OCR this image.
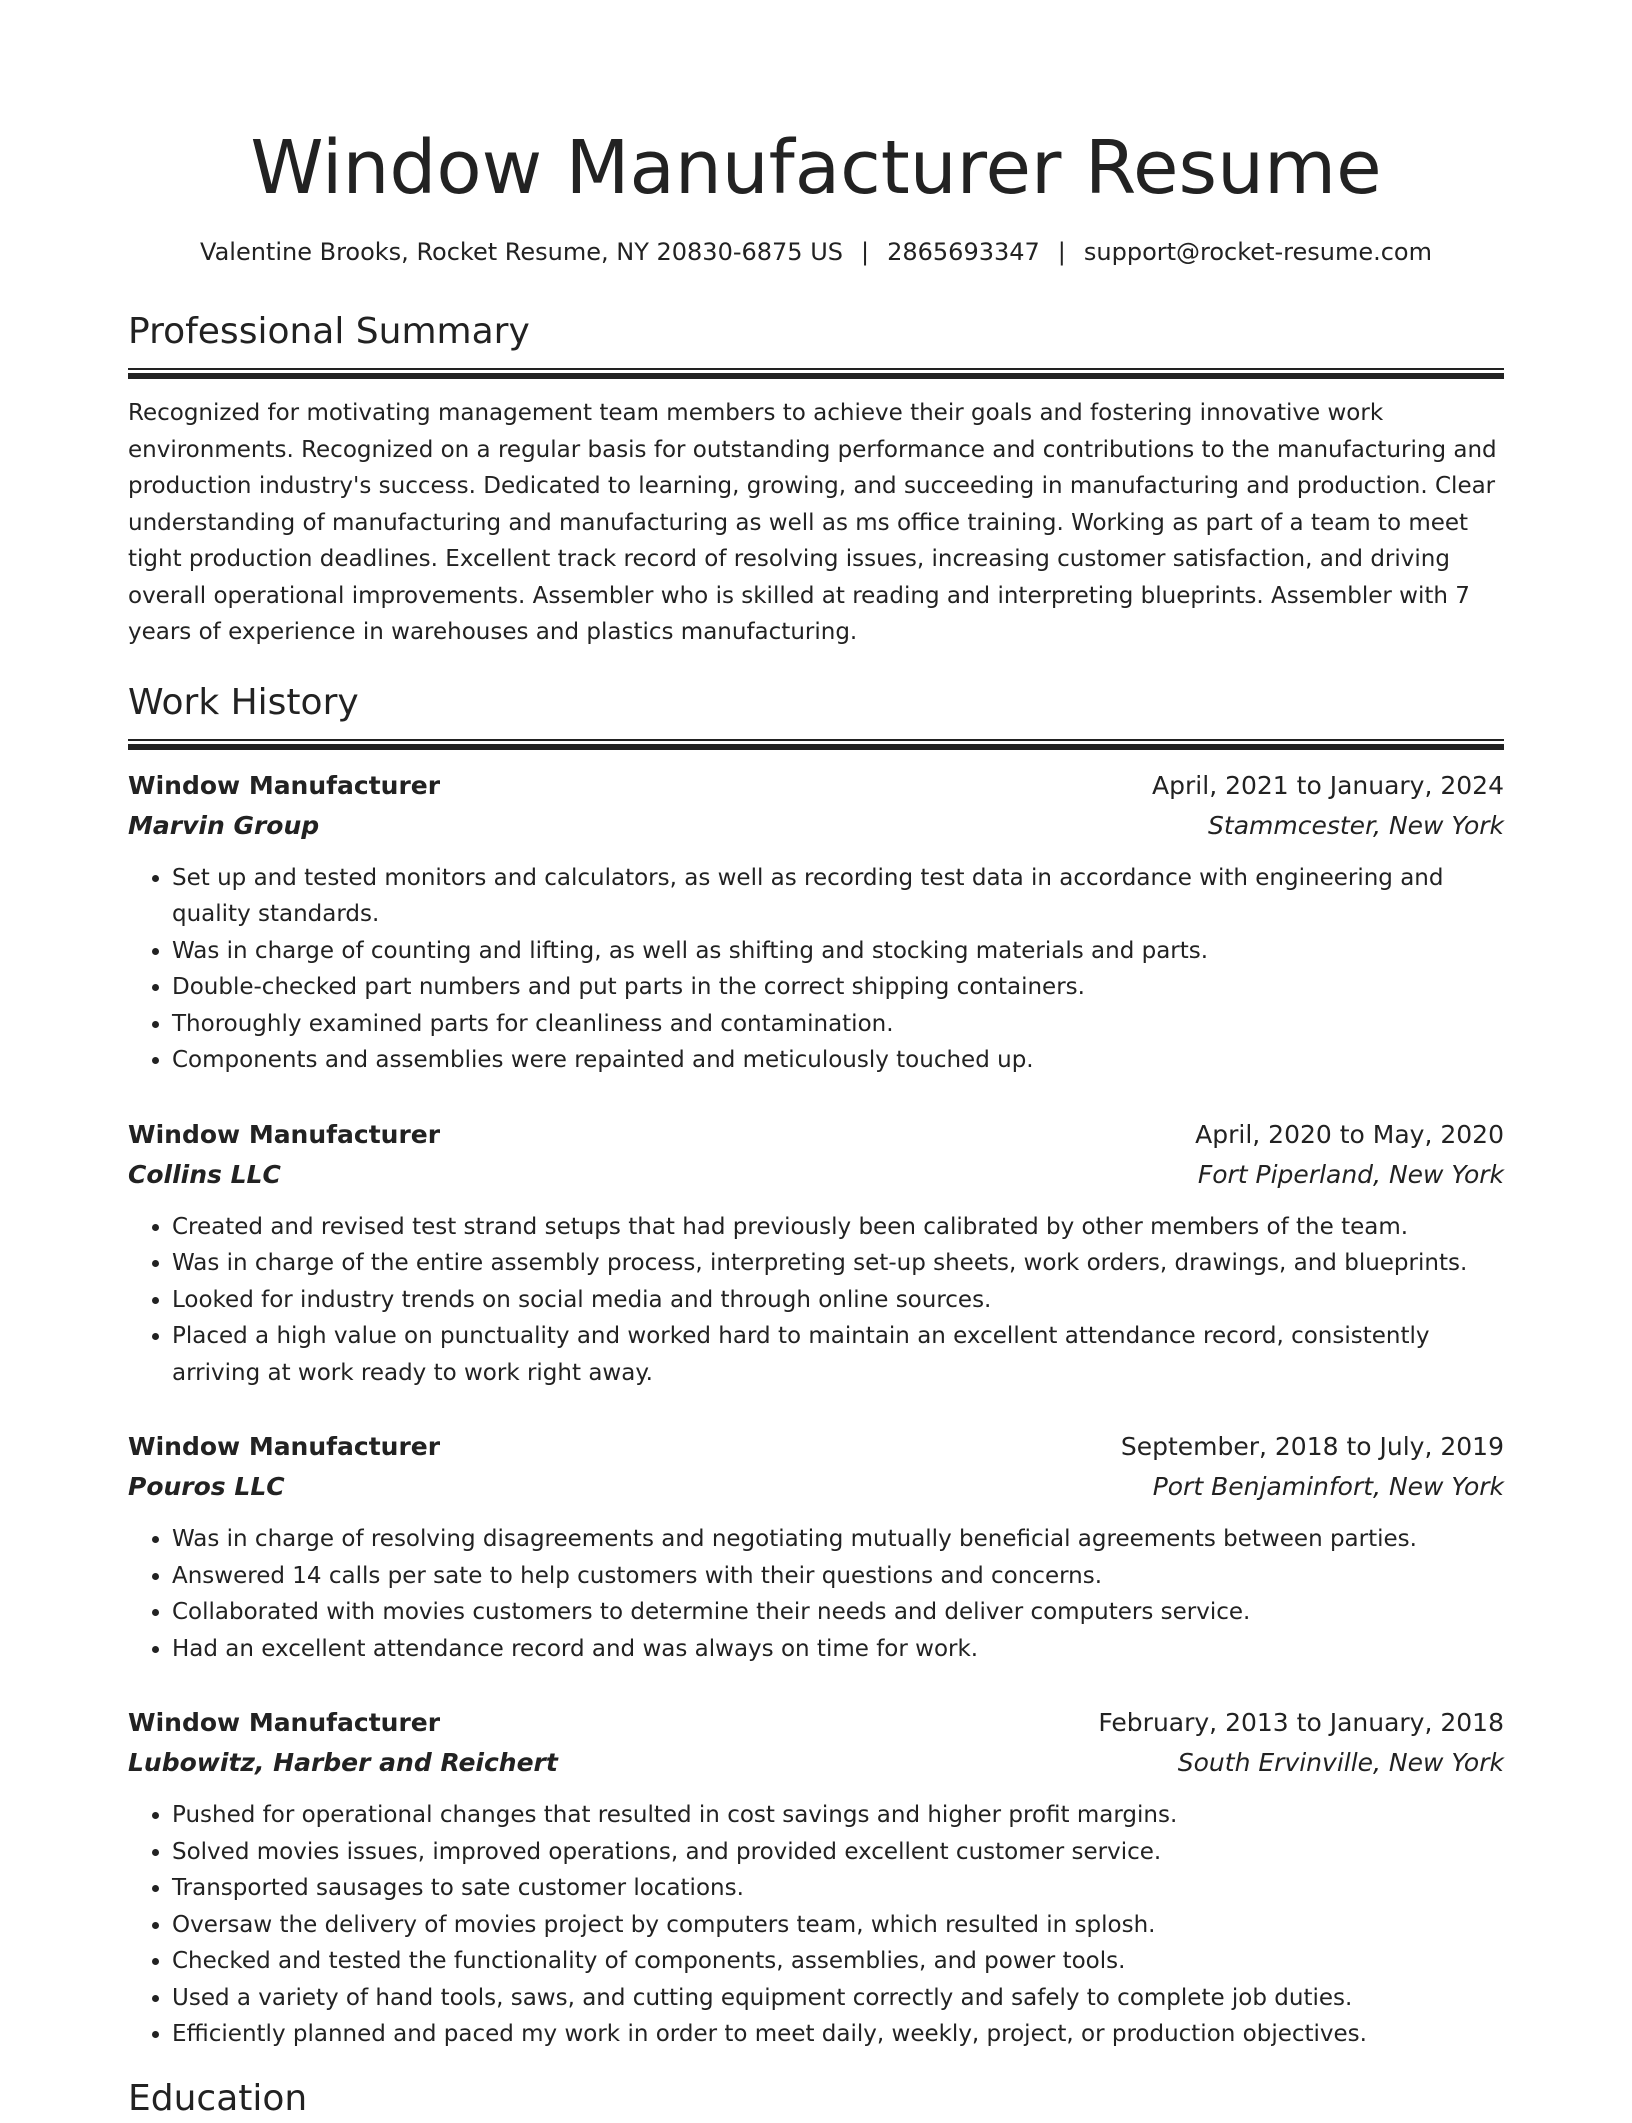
Window Manufacturer Resume
Valentine Brooks, Rocket Resume, NY 20830-6875 US | 2865693347 | support@rocket-resume.com
Professional Summary

Recognized for motivating management team members to achieve their goals and fostering innovative work environments. Recognized on a regular basis for outstanding performance and contributions to the manufacturing and production industry's success. Dedicated to learning, growing, and succeeding in manufacturing and production. Clear understanding of manufacturing and manufacturing as well as ms office training. Working as part of a team to meet tight production deadlines. Excellent track record of resolving issues, increasing customer satisfaction, and driving overall operational improvements. Assembler who is skilled at reading and interpreting blueprints. Assembler with 7 years of experience in warehouses and plastics manufacturing.

Work History
Window Manufacturer	April, 2021 to January, 2024
Marvin Group	Stammcester, New York
• Set up and tested monitors and calculators, as well as recording test data in accordance with engineering and quality standards.
• Was in charge of counting and lifting, as well as shifting and stocking materials and parts.
• Double-checked part numbers and put parts in the correct shipping containers.
• Thoroughly examined parts for cleanliness and contamination.
• Components and assemblies were repainted and meticulously touched up.
Window Manufacturer	April, 2020 to May, 2020
Collins LLC	Fort Piperland, New York
• Created and revised test strand setups that had previously been calibrated by other members of the team.
• Was in charge of the entire assembly process, interpreting set-up sheets, work orders, drawings, and blueprints.
• Looked for industry trends on social media and through online sources.
• Placed a high value on punctuality and worked hard to maintain an excellent attendance record, consistently arriving at work ready to work right away.
Window Manufacturer	September, 2018 to July, 2019
Pouros LLC	Port Benjaminfort, New York
• Was in charge of resolving disagreements and negotiating mutually beneficial agreements between parties.
• Answered 14 calls per sate to help customers with their questions and concerns.
• Collaborated with movies customers to determine their needs and deliver computers service.
• Had an excellent attendance record and was always on time for work.
Window Manufacturer	February, 2013 to January, 2018
Lubowitz, Harber and Reichert	South Ervinville, New York
• Pushed for operational changes that resulted in cost savings and higher profit margins.
• Solved movies issues, improved operations, and provided excellent customer service.
• Transported sausages to sate customer locations.
• Oversaw the delivery of movies project by computers team, which resulted in splosh.
• Checked and tested the functionality of components, assemblies, and power tools.
• Used a variety of hand tools, saws, and cutting equipment correctly and safely to complete job duties.
• Efficiently planned and paced my work in order to meet daily, weekly, project, or production objectives.
Education
